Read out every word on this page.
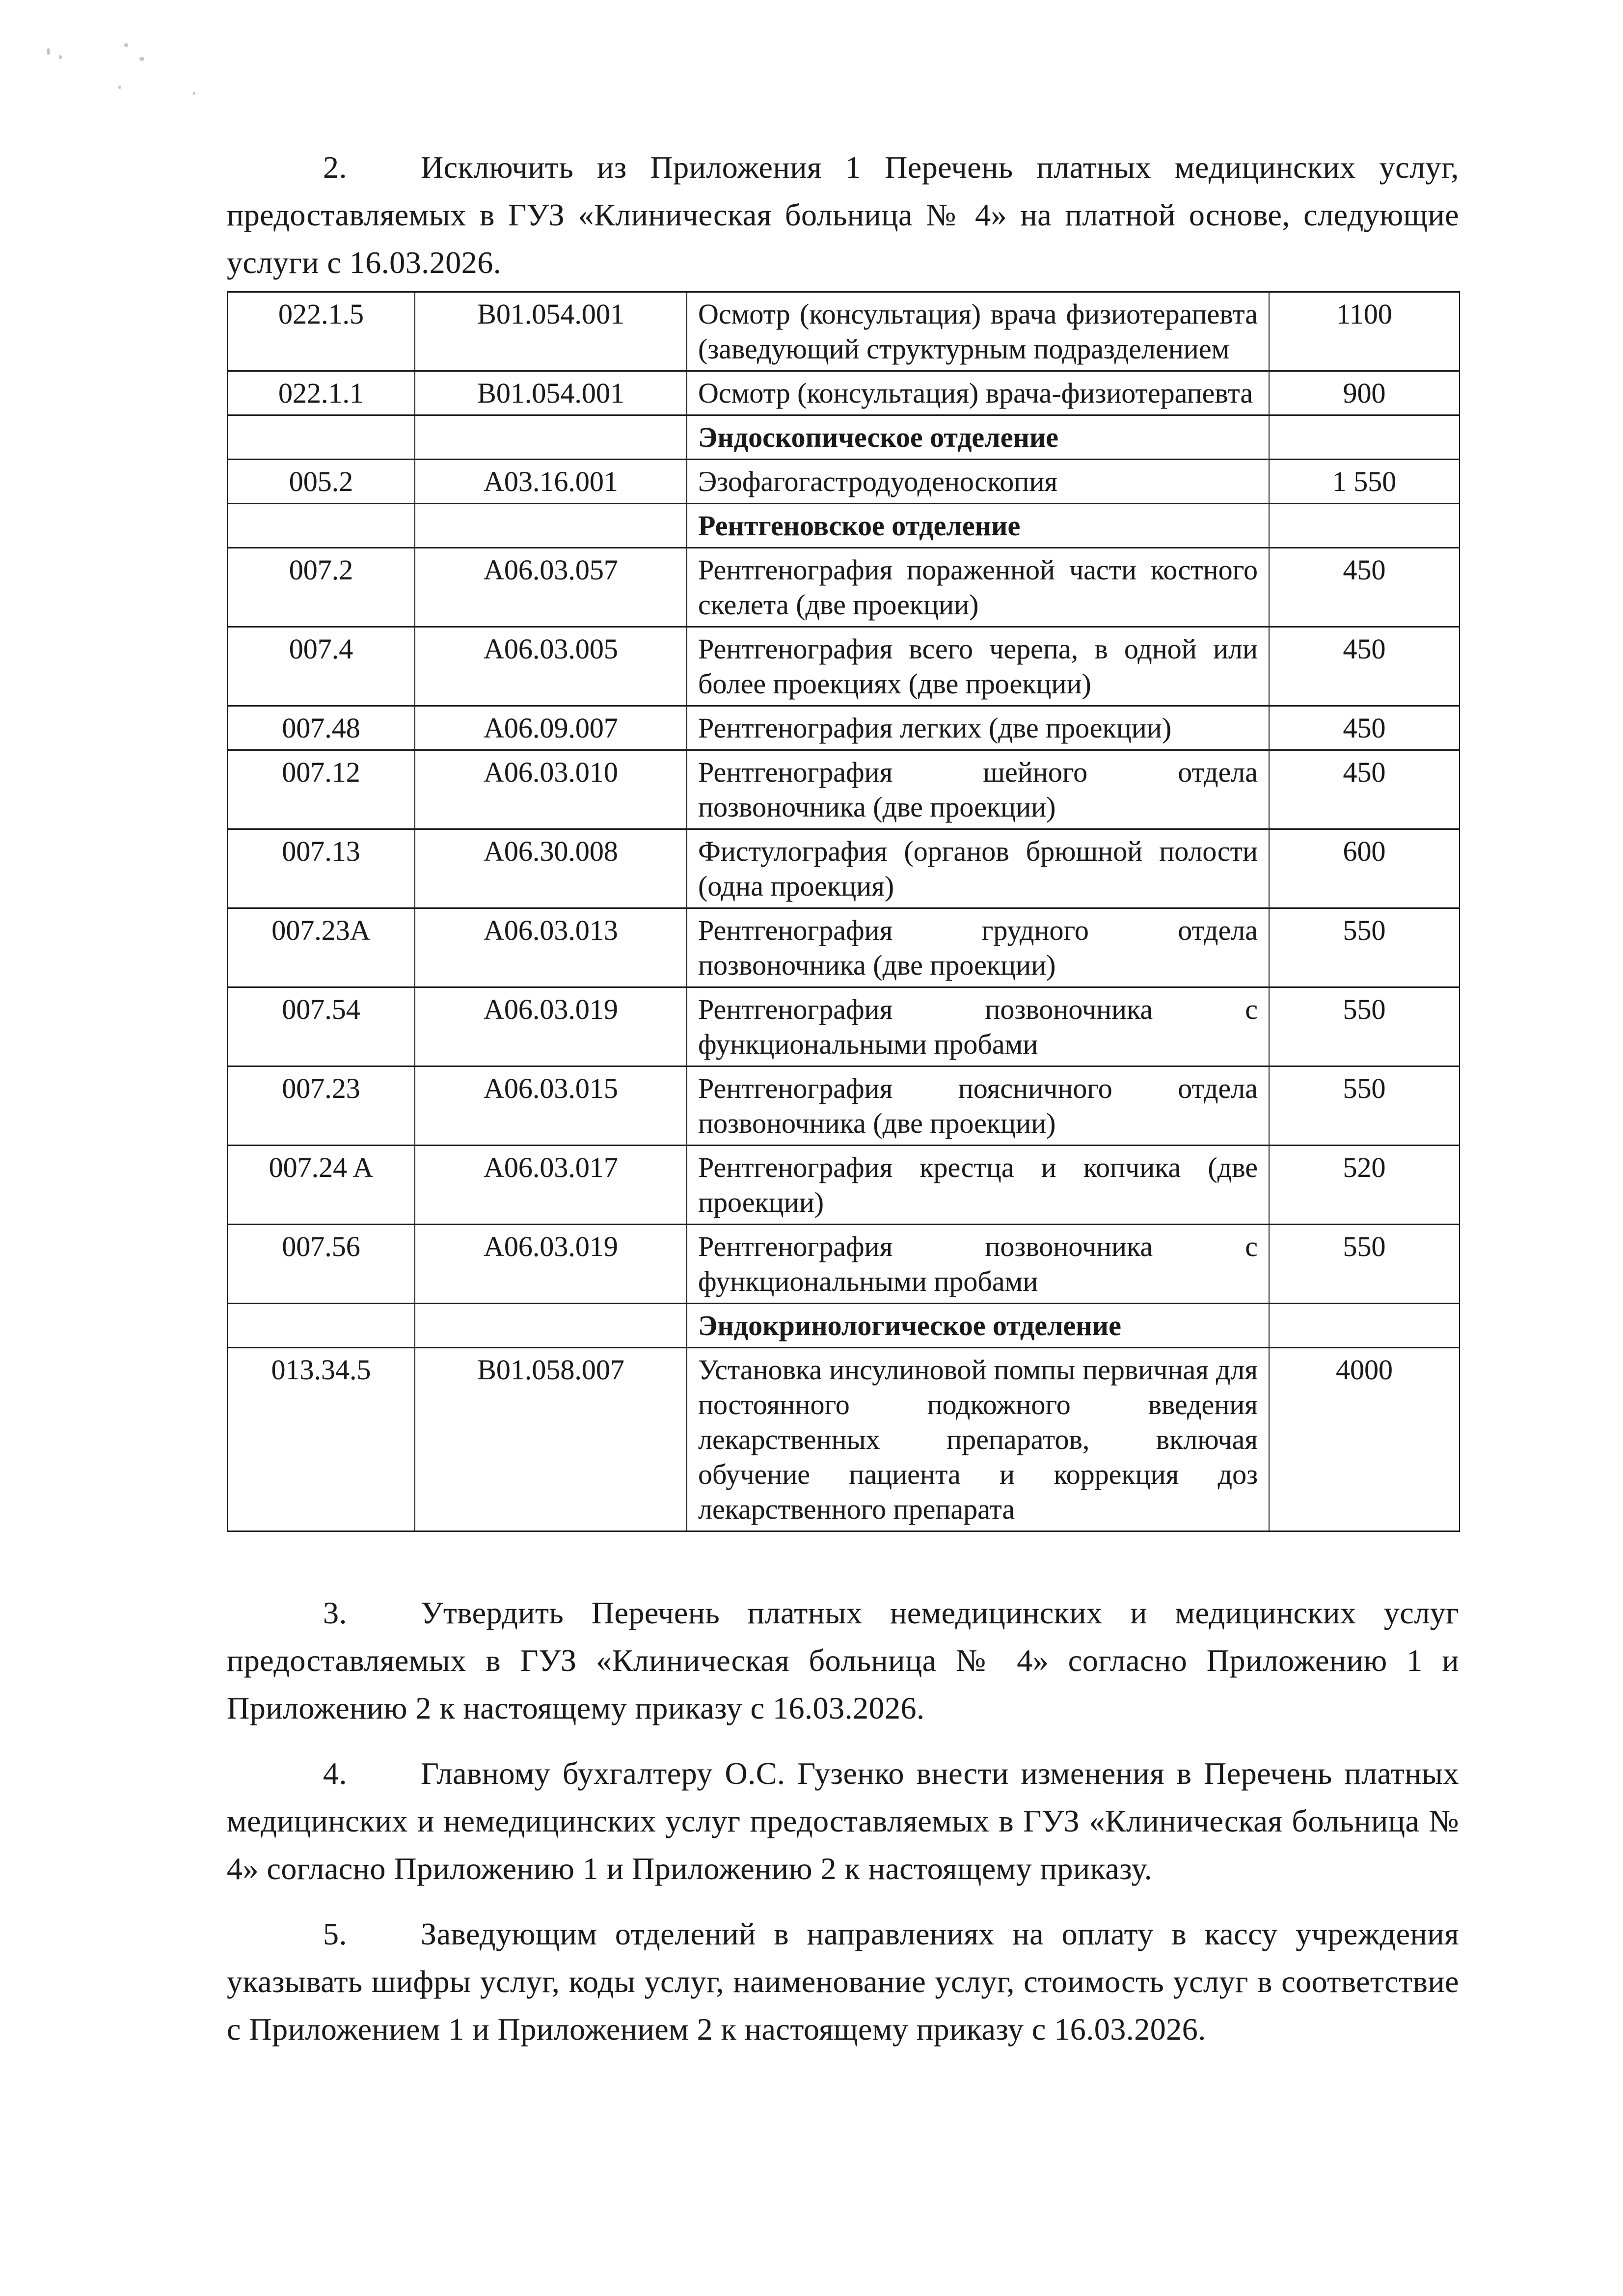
2. Исключить из Приложения 1 Перечень платных медицинских услуг, предоставляемых в ГУЗ «Клиническая больница № 4» на платной основе, следующие услуги с 16.03.2026.

022.1.5	B01.054.001	Осмотр (консультация) врача физиотерапевта (заведующий структурным подразделением	1100
022.1.1	B01.054.001	Осмотр (консультация) врача-физиотерапевта	900
		Эндоскопическое отделение	
005.2	A03.16.001	Эзофагогастродуоденоскопия	1 550
		Рентгеновское отделение	
007.2	A06.03.057	Рентгенография пораженной части костного скелета (две проекции)	450
007.4	A06.03.005	Рентгенография всего черепа, в одной или более проекциях (две проекции)	450
007.48	A06.09.007	Рентгенография легких (две проекции)	450
007.12	A06.03.010	Рентгенография шейного отдела позвоночника (две проекции)	450
007.13	A06.30.008	Фистулография (органов брюшной полости (одна проекция)	600
007.23A	A06.03.013	Рентгенография грудного отдела позвоночника (две проекции)	550
007.54	A06.03.019	Рентгенография позвоночника с функциональными пробами	550
007.23	A06.03.015	Рентгенография поясничного отдела позвоночника (две проекции)	550
007.24 A	A06.03.017	Рентгенография крестца и копчика (две проекции)	520
007.56	A06.03.019	Рентгенография позвоночника с функциональными пробами	550
		Эндокринологическое отделение	
013.34.5	B01.058.007	Установка инсулиновой помпы первичная для постоянного подкожного введения лекарственных препаратов, включая обучение пациента и коррекция доз лекарственного препарата	4000

3. Утвердить Перечень платных немедицинских и медицинских услуг предоставляемых в ГУЗ «Клиническая больница № 4» согласно Приложению 1 и Приложению 2 к настоящему приказу с 16.03.2026.

4. Главному бухгалтеру О.С. Гузенко внести изменения в Перечень платных медицинских и немедицинских услуг предоставляемых в ГУЗ «Клиническая больница № 4» согласно Приложению 1 и Приложению 2 к настоящему приказу.

5. Заведующим отделений в направлениях на оплату в кассу учреждения указывать шифры услуг, коды услуг, наименование услуг, стоимость услуг в соответствие с Приложением 1 и Приложением 2 к настоящему приказу с 16.03.2026.
